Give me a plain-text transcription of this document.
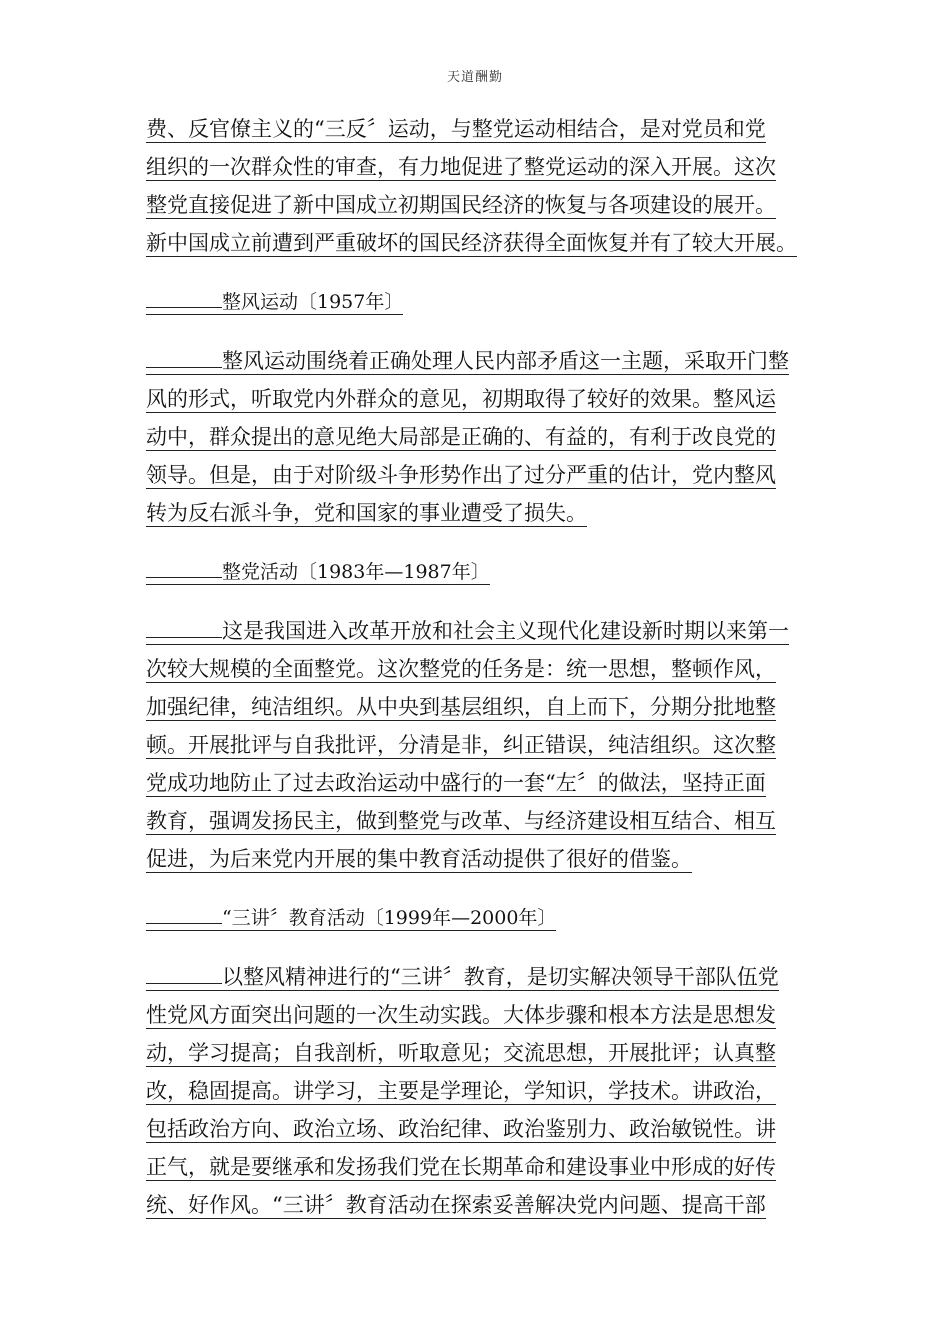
天道酬勤
费、反官僚主义的“三反〞运动，与整党运动相结合，是对党员和党
组织的一次群众性的审查，有力地促进了整党运动的深入开展。这次
整党直接促进了新中国成立初期国民经济的恢复与各项建设的展开。
新中国成立前遭到严重破坏的国民经济获得全面恢复并有了较大开展。
整风运动〔1957年〕
整风运动围绕着正确处理人民内部矛盾这一主题，采取开门整
风的形式，听取党内外群众的意见，初期取得了较好的效果。整风运
动中，群众提出的意见绝大局部是正确的、有益的，有利于改良党的
领导。但是，由于对阶级斗争形势作出了过分严重的估计，党内整风
转为反右派斗争，党和国家的事业遭受了损失。
整党活动〔1983年—1987年〕
这是我国进入改革开放和社会主义现代化建设新时期以来第一
次较大规模的全面整党。这次整党的任务是：统一思想，整顿作风，
加强纪律，纯洁组织。从中央到基层组织，自上而下，分期分批地整
顿。开展批评与自我批评，分清是非，纠正错误，纯洁组织。这次整
党成功地防止了过去政治运动中盛行的一套“左〞的做法，坚持正面
教育，强调发扬民主，做到整党与改革、与经济建设相互结合、相互
促进，为后来党内开展的集中教育活动提供了很好的借鉴。
“三讲〞教育活动〔1999年—2000年〕
以整风精神进行的“三讲〞教育，是切实解决领导干部队伍党
性党风方面突出问题的一次生动实践。大体步骤和根本方法是思想发
动，学习提高；自我剖析，听取意见；交流思想，开展批评；认真整
改，稳固提高。讲学习，主要是学理论，学知识，学技术。讲政治，
包括政治方向、政治立场、政治纪律、政治鉴别力、政治敏锐性。讲
正气，就是要继承和发扬我们党在长期革命和建设事业中形成的好传
统、好作风。“三讲〞教育活动在探索妥善解决党内问题、提高干部
